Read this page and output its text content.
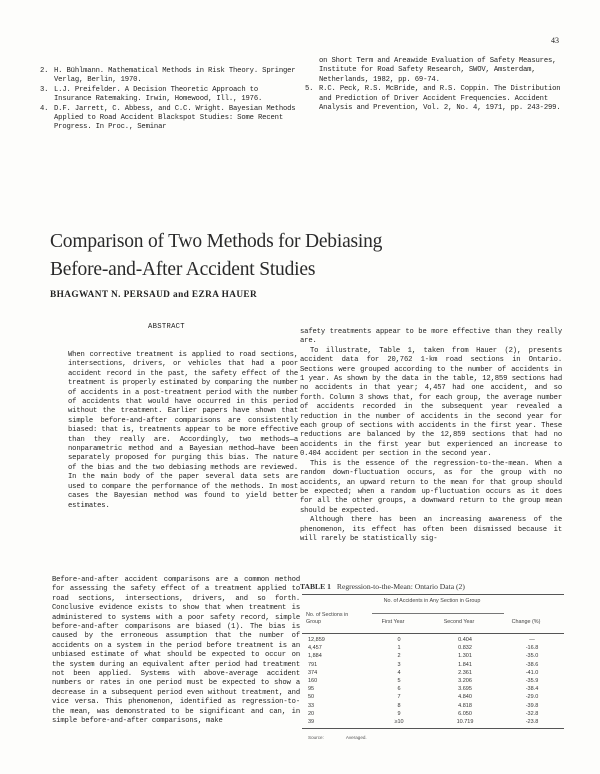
43
2. H. Bühlmann. Mathematical Methods in Risk Theory. Springer Verlag, Berlin, 1970.
3. L.J. Preifelder. A Decision Theoretic Approach to Insurance Ratemaking. Irwin, Homewood, Ill., 1976.
4. D.F. Jarrett, C. Abbess, and C.C. Wright. Bayesian Methods Applied to Road Accident Blackspot Studies: Some Recent Progress. In Proc., Seminar
on Short Term and Areawide Evaluation of Safety Measures, Institute for Road Safety Research, SWOV, Amsterdam, Netherlands, 1982, pp. 69-74.
5. R.C. Peck, R.S. McBride, and R.S. Coppin. The Distribution and Prediction of Driver Accident Frequencies. Accident Analysis and Prevention, Vol. 2, No. 4, 1971, pp. 243-299.
Comparison of Two Methods for Debiasing
Before-and-After Accident Studies
BHAGWANT N. PERSAUD and EZRA HAUER
ABSTRACT

When corrective treatment is applied to road sections, intersections, drivers, or vehicles that had a poor accident record in the past, the safety effect of the treatment is properly estimated by comparing the number of accidents in a post-treatment period with the number of accidents that would have occurred in this period without the treatment. Earlier papers have shown that simple before-and-after comparisons are consistently biased: that is, treatments appear to be more effective than they really are. Accordingly, two methods—a nonparametric method and a Bayesian method—have been separately proposed for purging this bias. The nature of the bias and the two debiasing methods are reviewed. In the main body of the paper several data sets are used to compare the performance of the methods. In most cases the Bayesian method was found to yield better estimates.

Before-and-after accident comparisons are a common method for assessing the safety effect of a treatment applied to road sections, intersections, drivers, and so forth. Conclusive evidence exists to show that when treatment is administered to systems with a poor safety record, simple before-and-after comparisons are biased (1). The bias is caused by the erroneous assumption that the number of accidents on a system in the period before treatment is an unbiased estimate of what should be expected to occur on the system during an equivalent after period had treatment not been applied. Systems with above-average accident numbers or rates in one period must be expected to show a decrease in a subsequent period even without treatment, and vice versa. This phenomenon, identified as regression-to-the mean, was demonstrated to be significant and can, in simple before-and-after comparisons, make

safety treatments appear to be more effective than they really are.

To illustrate, Table 1, taken from Hauer (2), presents accident data for 20,762 1-km road sections in Ontario. Sections were grouped according to the number of accidents in 1 year. As shown by the data in the table, 12,859 sections had no accidents in that year; 4,457 had one accident, and so forth. Column 3 shows that, for each group, the average number of accidents recorded in the subsequent year revealed a reduction in the number of accidents in the second year for each group of sections with accidents in the first year. These reductions are balanced by the 12,859 sections that had no accidents in the first year but experienced an increase to 0.404 accident per section in the second year.

This is the essence of the regression-to-the-mean. When a random down-fluctuation occurs, as for the group with no accidents, an upward return to the mean for that group should be expected; when a random up-fluctuation occurs as it does for all the other groups, a downward return to the group mean should be expected.

Although there has been an increasing awareness of the phenomenon, its effect has often been dismissed because it will rarely be statistically sig-

TABLE 1 Regression-to-the-Mean: Ontario Data (2)
No. of Accidents in Any Section in Group
No. of Sections in Group	First Year	Second Year	Change (%)
12,859	0	0.404	—
4,457	1	0.832	-16.8
1,884	2	1.301	-35.0
791	3	1.841	-38.6
374	4	2.361	-41.0
160	5	3.206	-35.9
95	6	3.695	-38.4
50	7	4.840	-29.0
33	8	4.818	-39.8
20	9	6.050	-32.8
39	≥10	10.719	-23.8
Source:	Averaged.
